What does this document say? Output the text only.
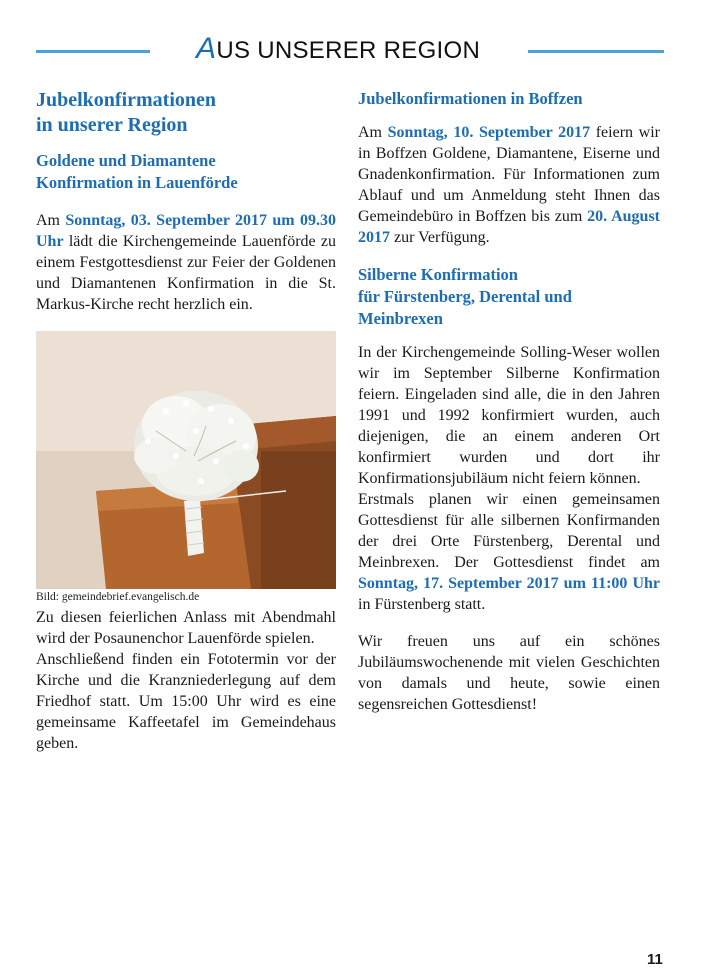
AUS UNSERER REGION
Jubelkonfirmationen
in unserer Region
Goldene und Diamantene
Konfirmation in Lauenförde

Am Sonntag, 03. September 2017 um 09.30 Uhr lädt die Kirchengemeinde Lauenförde zu einem Festgottesdienst zur Feier der Goldenen und Diamantenen Konfirmation in die St. Markus-Kirche recht herzlich ein.

Bild: gemeindebrief.evangelisch.de

Zu diesen feierlichen Anlass mit Abendmahl wird der Posaunenchor Lauenförde spielen.

Anschließend finden ein Fototermin vor der Kirche und die Kranzniederlegung auf dem Friedhof statt. Um 15:00 Uhr wird es eine gemeinsame Kaffeetafel im Gemeindehaus geben.

Jubelkonfirmationen in Boffzen

Am Sonntag, 10. September 2017 feiern wir in Boffzen Goldene, Diamantene, Eiserne und Gnadenkonfirmation. Für Informationen zum Ablauf und um Anmeldung steht Ihnen das Gemeindebüro in Boffzen bis zum 20. August 2017 zur Verfügung.

Silberne Konfirmation
für Fürstenberg, Derental und Meinbrexen

In der Kirchengemeinde Solling-Weser wollen wir im September Silberne Konfirmation feiern. Eingeladen sind alle, die in den Jahren 1991 und 1992 konfirmiert wurden, auch diejenigen, die an einem anderen Ort konfirmiert wurden und dort ihr Konfirmationsjubiläum nicht feiern können.

Erstmals planen wir einen gemeinsamen Gottesdienst für alle silbernen Konfirmanden der drei Orte Fürstenberg, Derental und Meinbrexen. Der Gottesdienst findet am Sonntag, 17. September 2017 um 11:00 Uhr in Fürstenberg statt.

Wir freuen uns auf ein schönes Jubiläumswochenende mit vielen Geschichten von damals und heute, sowie einen segensreichen Gottesdienst!

11
